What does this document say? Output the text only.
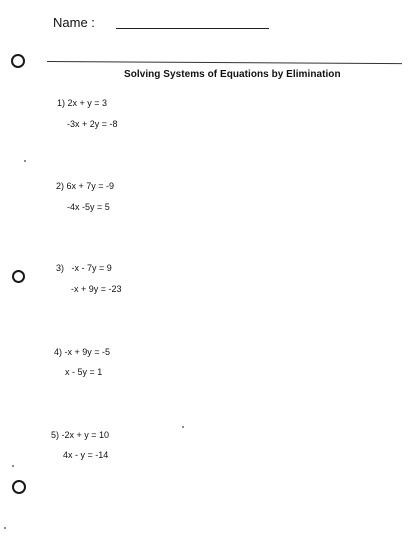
Name :
Solving Systems of Equations by Elimination
1) 2x + y = 3
-3x + 2y = -8
2) 6x + 7y = -9
-4x -5y = 5
3)   -x - 7y = 9
-x + 9y = -23
4) -x + 9y = -5
x - 5y = 1
5) -2x + y = 10
4x - y = -14
